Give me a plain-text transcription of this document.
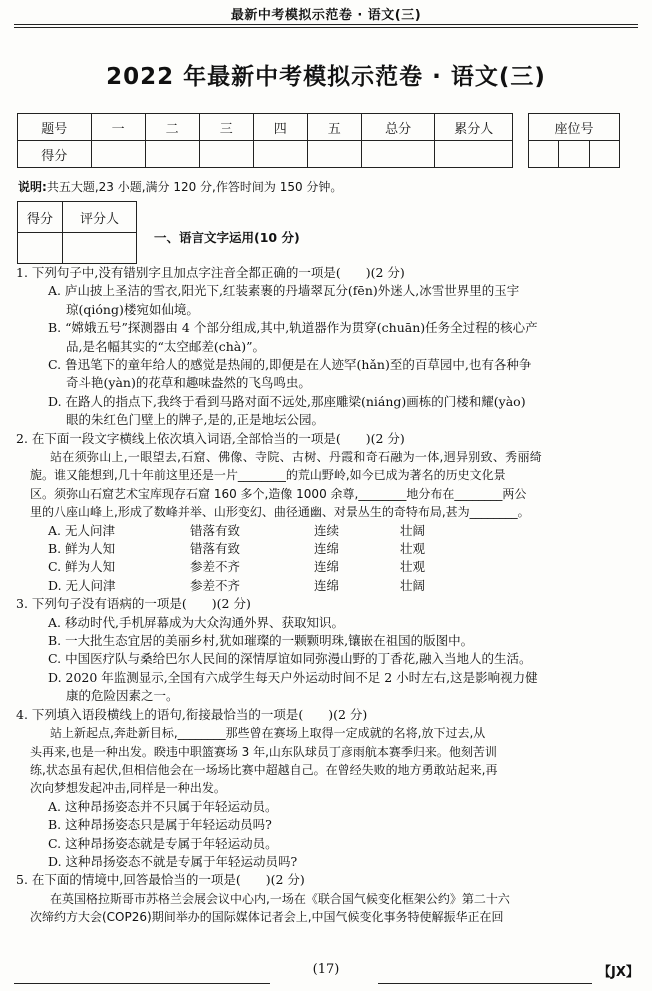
最新中考模拟示范卷 · 语文(三)
2022 年最新中考模拟示范卷 · 语文(三)
题号	一	二	三	四	五	总分	累分人
得分							
座位号

说明:共五大题,23 小题,满分 120 分,作答时间为 150 分钟。
得分	评分人

一、语言文字运用(10 分)

1. 下列句子中,没有错别字且加点字注音全都正确的一项是(　　)(2 分)

A. 庐山披上圣洁的雪衣,阳光下,红装素裹的丹墙翠瓦分(fēn)外迷人,冰雪世界里的玉宇

琼(qióng)楼宛如仙境。

B. “嫦娥五号”探测器由 4 个部分组成,其中,轨道器作为贯穿(chuān)任务全过程的核心产

品,是名幅其实的“太空邮差(chà)”。

C. 鲁迅笔下的童年给人的感觉是热闹的,即便是在人迹罕(hǎn)至的百草园中,也有各种争

奇斗艳(yàn)的花草和趣味盎然的飞鸟鸣虫。

D. 在路人的指点下,我终于看到马路对面不远处,那座雕梁(niáng)画栋的门楼和耀(yào)

眼的朱红色门壁上的牌子,是的,正是地坛公园。

2. 在下面一段文字横线上依次填入词语,全部恰当的一项是(　　)(2 分)

站在须弥山上,一眼望去,石窟、佛像、寺院、古树、丹霞和奇石融为一体,迥异别致、秀丽绮

旎。谁又能想到,几十年前这里还是一片________的荒山野岭,如今已成为著名的历史文化景

区。须弥山石窟艺术宝库现存石窟 160 多个,造像 1000 余尊,________地分布在________两公

里的八座山峰上,形成了数峰并举、山形变幻、曲径通幽、对景丛生的奇特布局,甚为________。

A. 无人问津	错落有致	连续	壮阔
B. 鲜为人知	错落有致	连绵	壮观
C. 鲜为人知	参差不齐	连绵	壮观
D. 无人问津	参差不齐	连绵	壮阔

3. 下列句子没有语病的一项是(　　)(2 分)

A. 移动时代,手机屏幕成为大众沟通外界、获取知识。

B. 一大批生态宜居的美丽乡村,犹如璀璨的一颗颗明珠,镶嵌在祖国的版图中。

C. 中国医疗队与桑给巴尔人民间的深情厚谊如同弥漫山野的丁香花,融入当地人的生活。

D. 2020 年监测显示,全国有六成学生每天户外运动时间不足 2 小时左右,这是影响视力健

康的危险因素之一。

4. 下列填入语段横线上的语句,衔接最恰当的一项是(　　)(2 分)

站上新起点,奔赴新目标,________那些曾在赛场上取得一定成就的名将,放下过去,从

头再来,也是一种出发。睽违中职篮赛场 3 年,山东队球员丁彦雨航本赛季归来。他刻苦训

练,状态虽有起伏,但相信他会在一场场比赛中超越自己。在曾经失败的地方勇敢站起来,再

次向梦想发起冲击,同样是一种出发。

A. 这种昂扬姿态并不只属于年轻运动员。

B. 这种昂扬姿态只是属于年轻运动员吗?

C. 这种昂扬姿态就是专属于年轻运动员。

D. 这种昂扬姿态不就是专属于年轻运动员吗?

5. 在下面的情境中,回答最恰当的一项是(　　)(2 分)

在英国格拉斯哥市苏格兰会展会议中心内,一场在《联合国气候变化框架公约》第二十六

次缔约方大会(COP26)期间举办的国际媒体记者会上,中国气候变化事务特使解振华正在回

(17)	【JX】
